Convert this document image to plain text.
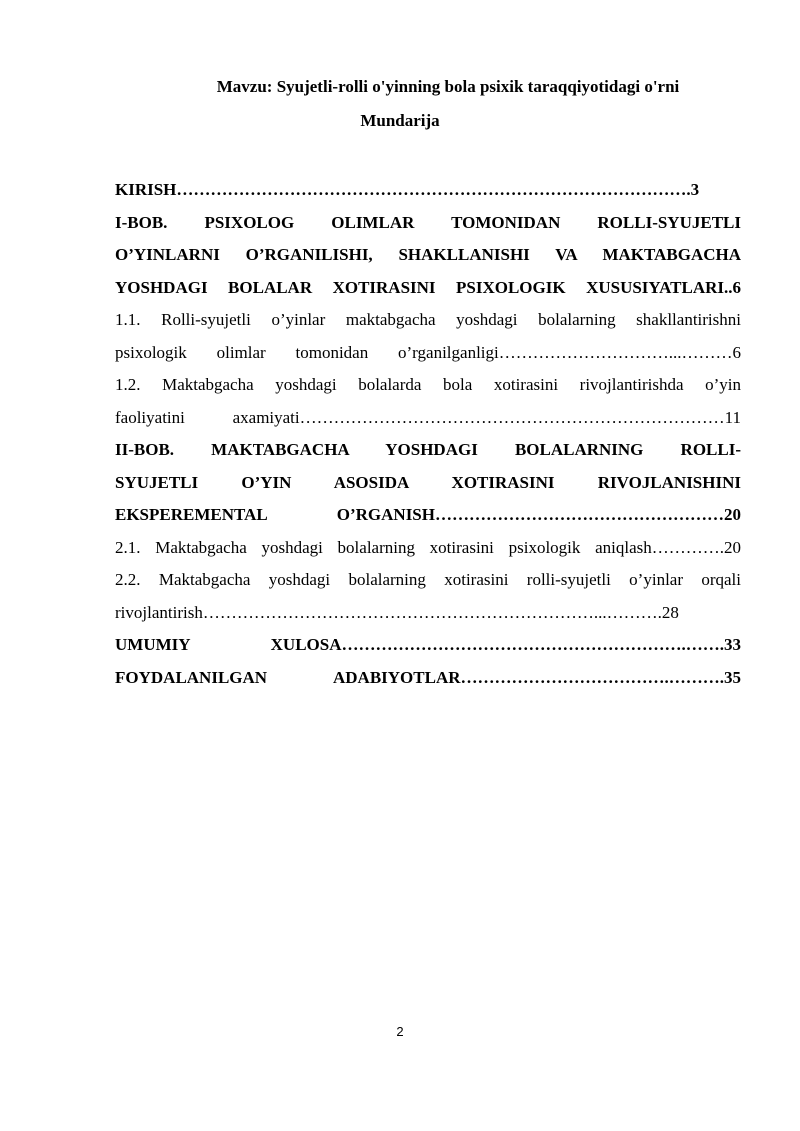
Mavzu: Syujetli-rolli o'yinning bola psixik taraqqiyotidagi o'rni
Mundarija
KIRISH……………………………………………………………………………….3
I-BOB. PSIXOLOG OLIMLAR TOMONIDAN ROLLI-SYUJETLI
O’YINLARNI O’RGANILISHI, SHAKLLANISHI VA MAKTABGACHA
YOSHDAGI BOLALAR XOTIRASINI PSIXOLOGIK XUSUSIYATLARI..6
1.1. Rolli-syujetli o’yinlar maktabgacha yoshdagi bolalarning shakllantirishni
psixologik olimlar tomonidan o’rganilganligi…………………………...………6
1.2. Maktabgacha yoshdagi bolalarda bola xotirasini rivojlantirishda o’yin
faoliyatini axamiyati…………………………………………………………………11
II-BOB. MAKTABGACHA YOSHDAGI BOLALARNING ROLLI-
SYUJETLI O’YIN ASOSIDA XOTIRASINI RIVOJLANISHINI
EKSPEREMENTAL O’RGANISH……………………………………………20
2.1. Maktabgacha yoshdagi bolalarning xotirasini psixologik aniqlash………….20
2.2. Maktabgacha yoshdagi bolalarning xotirasini rolli-syujetli o’yinlar orqali
rivojlantirish……………………………………………………………...……….28
UMUMIY XULOSA…………………………………………………….…….33
FOYDALANILGAN ADABIYOTLAR……………………………….……….35
2
